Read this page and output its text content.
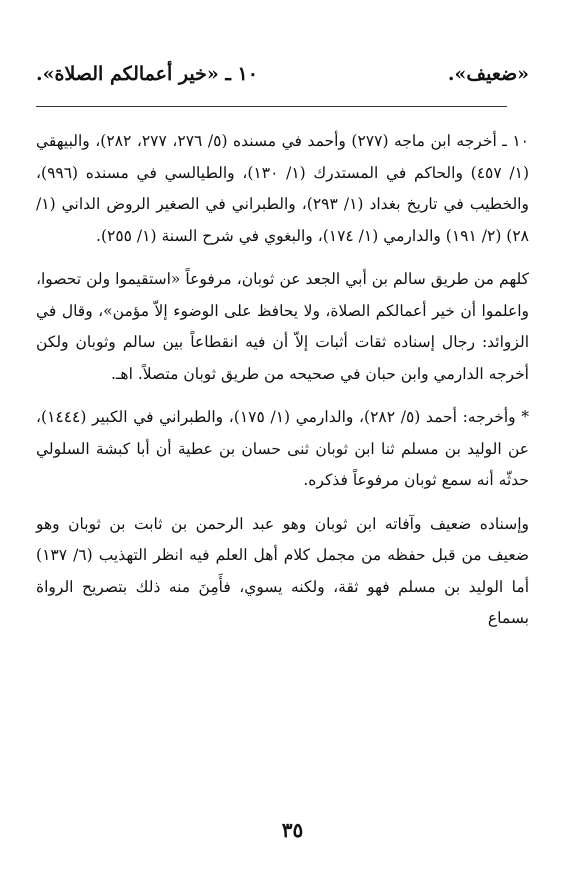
١٠ ـ «خير أعمالكم الصلاة».	«ضعيف».

١٠ ـ أخرجه ابن ماجه (٢٧٧) وأحمد في مسنده (٥/ ٢٧٦، ٢٧٧، ٢٨٢)، والبيهقي (١/ ٤٥٧) والحاكم في المستدرك (١/ ١٣٠)، والطيالسي في مسنده (٩٩٦)، والخطيب في تاريخ بغداد (١/ ٢٩٣)، والطبراني في الصغير الروض الداني (١/ ٢٨) (٢/ ١٩١) والدارمي (١/ ١٧٤)، والبغوي في شرح السنة (١/ ٢٥٥).

كلهم من طريق سالم بن أبي الجعد عن ثوبان، مرفوعاً «استقيموا ولن تحصوا، واعلموا أن خير أعمالكم الصلاة، ولا يحافظ على الوضوء إلاّ مؤمن»، وقال في الزوائد: رجال إسناده ثقات أثبات إلاّ أن فيه انقطاعاً بين سالم وثوبان ولكن أخرجه الدارمي وابن حبان في صحيحه من طريق ثوبان متصلاً. اهـ.

* وأخرجه: أحمد (٥/ ٢٨٢)، والدارمي (١/ ١٧٥)، والطبراني في الكبير (١٤٤٤)، عن الوليد بن مسلم ثنا ابن ثوبان ثنى حسان بن عطية أن أبا كبشة السلولي حدثّه أنه سمع ثوبان مرفوعاً فذكره.

وإسناده ضعيف وآفاته ابن ثوبان وهو عبد الرحمن بن ثابت بن ثوبان وهو ضعيف من قبل حفظه من مجمل كلام أهل العلم فيه انظر التهذيب (٦/ ١٣٧) أما الوليد بن مسلم فهو ثقة، ولكنه يسوي، فأَمِنَ منه ذلك بتصريح الرواة بسماع

٣٥
